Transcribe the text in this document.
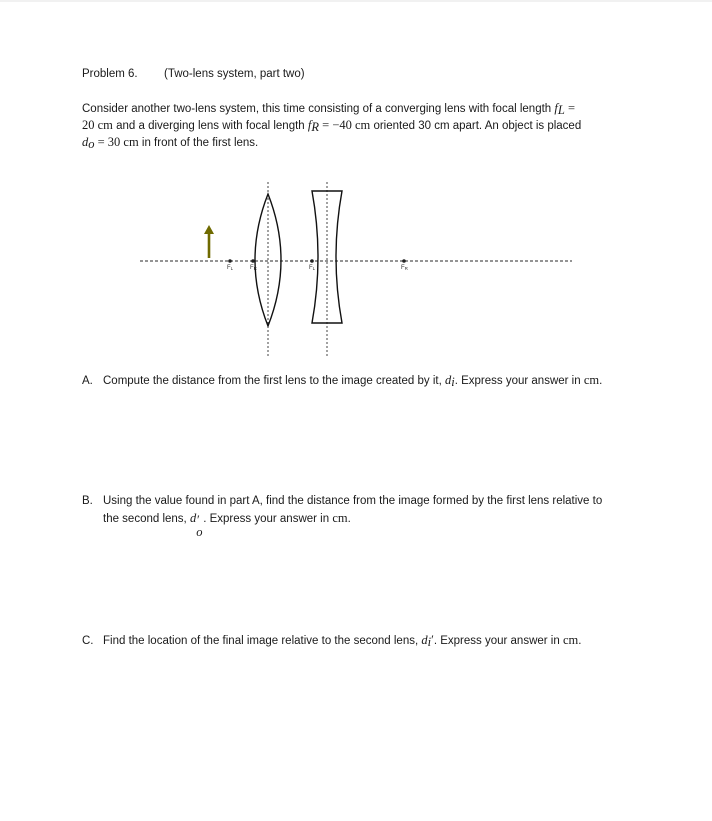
Problem 6. (Two-lens system, part two)
Consider another two-lens system, this time consisting of a converging lens with focal length $f_L$ =
20 cm and a diverging lens with focal length $f_R = -40$ cm oriented 30 cm apart. An object is placed
$d_o = 30$ cm in front of the first lens.
FL	FR	FL	FR
A. Compute the distance from the first lens to the image created by it, $d_i$. Express your answer in cm.
B. Using the value found in part A, find the distance from the image formed by the first lens relative to
the second lens, d ′
o
. Express your answer in cm.
C. Find the location of the final image relative to the second lens, $d_i'$. Express your answer in cm.
